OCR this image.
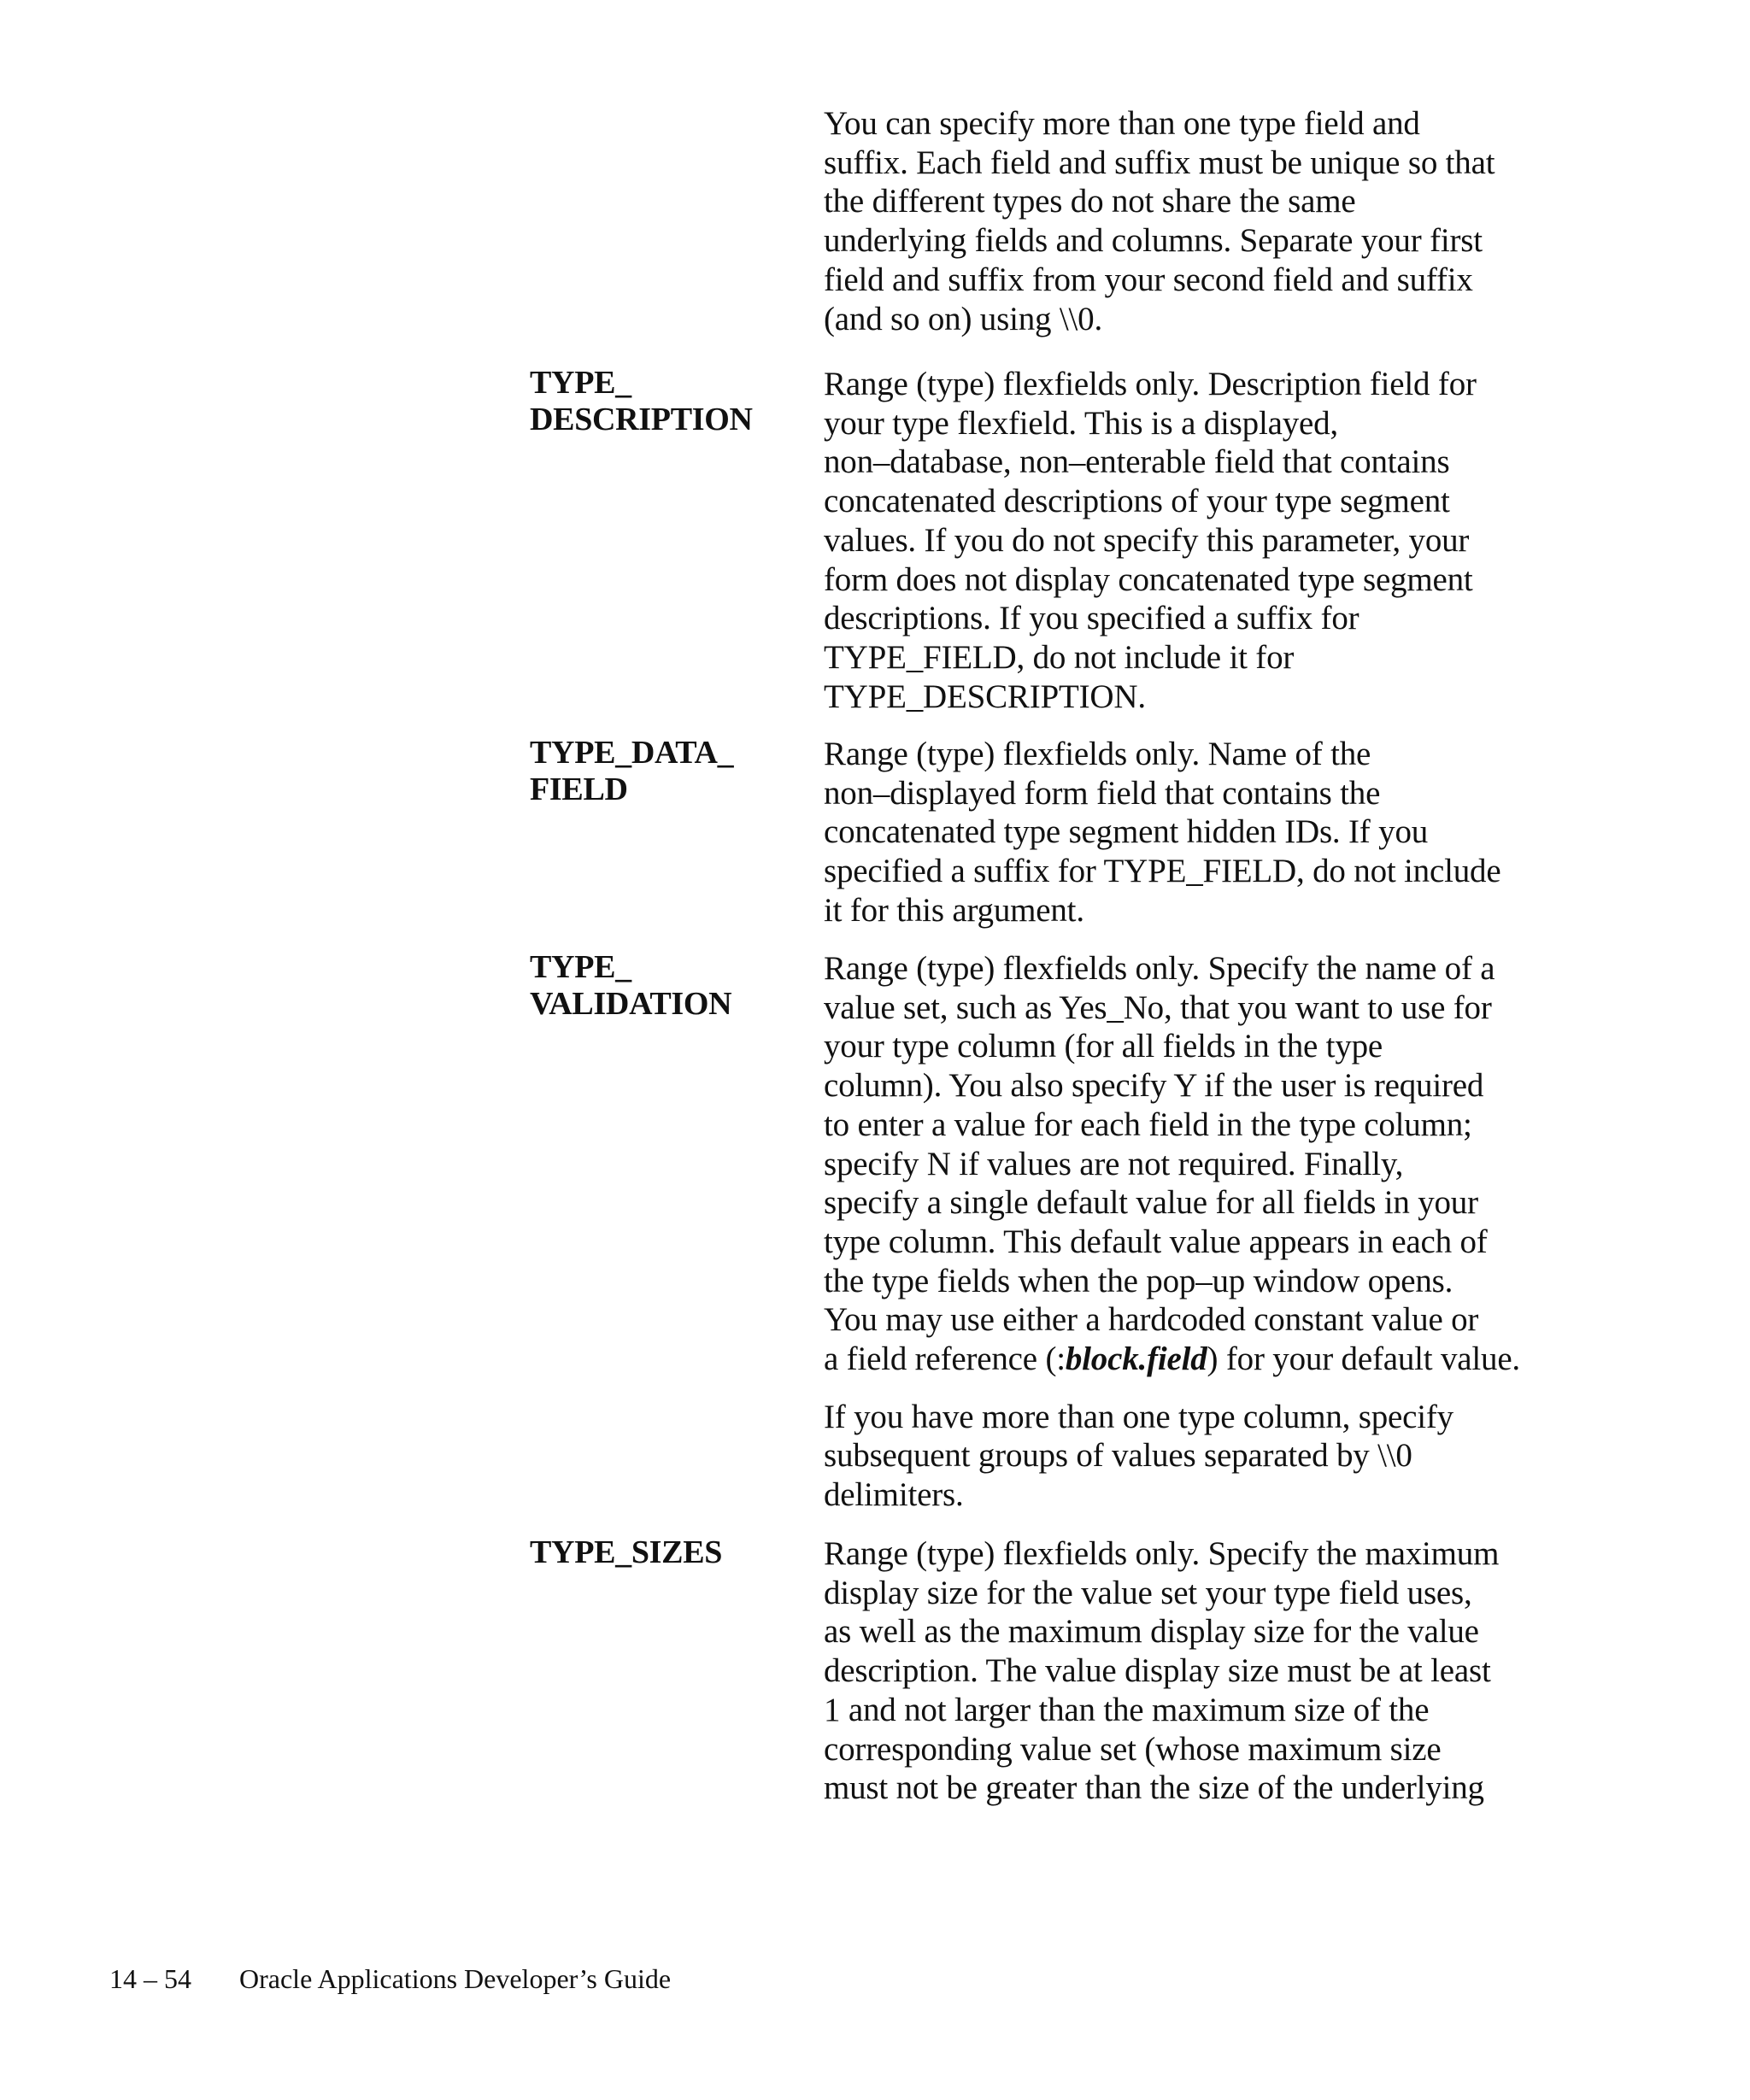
You can specify more than one type field and
suffix. Each field and suffix must be unique so that
the different types do not share the same
underlying fields and columns. Separate your first
field and suffix from your second field and suffix
(and so on) using \\0.

TYPE_
DESCRIPTION

Range (type) flexfields only. Description field for
your type flexfield. This is a displayed,
non–database, non–enterable field that contains
concatenated descriptions of your type segment
values. If you do not specify this parameter, your
form does not display concatenated type segment
descriptions. If you specified a suffix for
TYPE_FIELD, do not include it for
TYPE_DESCRIPTION.

TYPE_DATA_
FIELD

Range (type) flexfields only. Name of the
non–displayed form field that contains the
concatenated type segment hidden IDs. If you
specified a suffix for TYPE_FIELD, do not include
it for this argument.

TYPE_
VALIDATION

Range (type) flexfields only. Specify the name of a
value set, such as Yes_No, that you want to use for
your type column (for all fields in the type
column). You also specify Y if the user is required
to enter a value for each field in the type column;
specify N if values are not required. Finally,
specify a single default value for all fields in your
type column. This default value appears in each of
the type fields when the pop–up window opens.
You may use either a hardcoded constant value or
a field reference (:block.field) for your default value.

If you have more than one type column, specify
subsequent groups of values separated by \\0
delimiters.

TYPE_SIZES	Range (type) flexfields only. Specify the maximum
display size for the value set your type field uses,
as well as the maximum display size for the value
description. The value display size must be at least
1 and not larger than the maximum size of the
corresponding value set (whose maximum size
must not be greater than the size of the underlying

14 – 54 Oracle Applications Developer’s Guide
